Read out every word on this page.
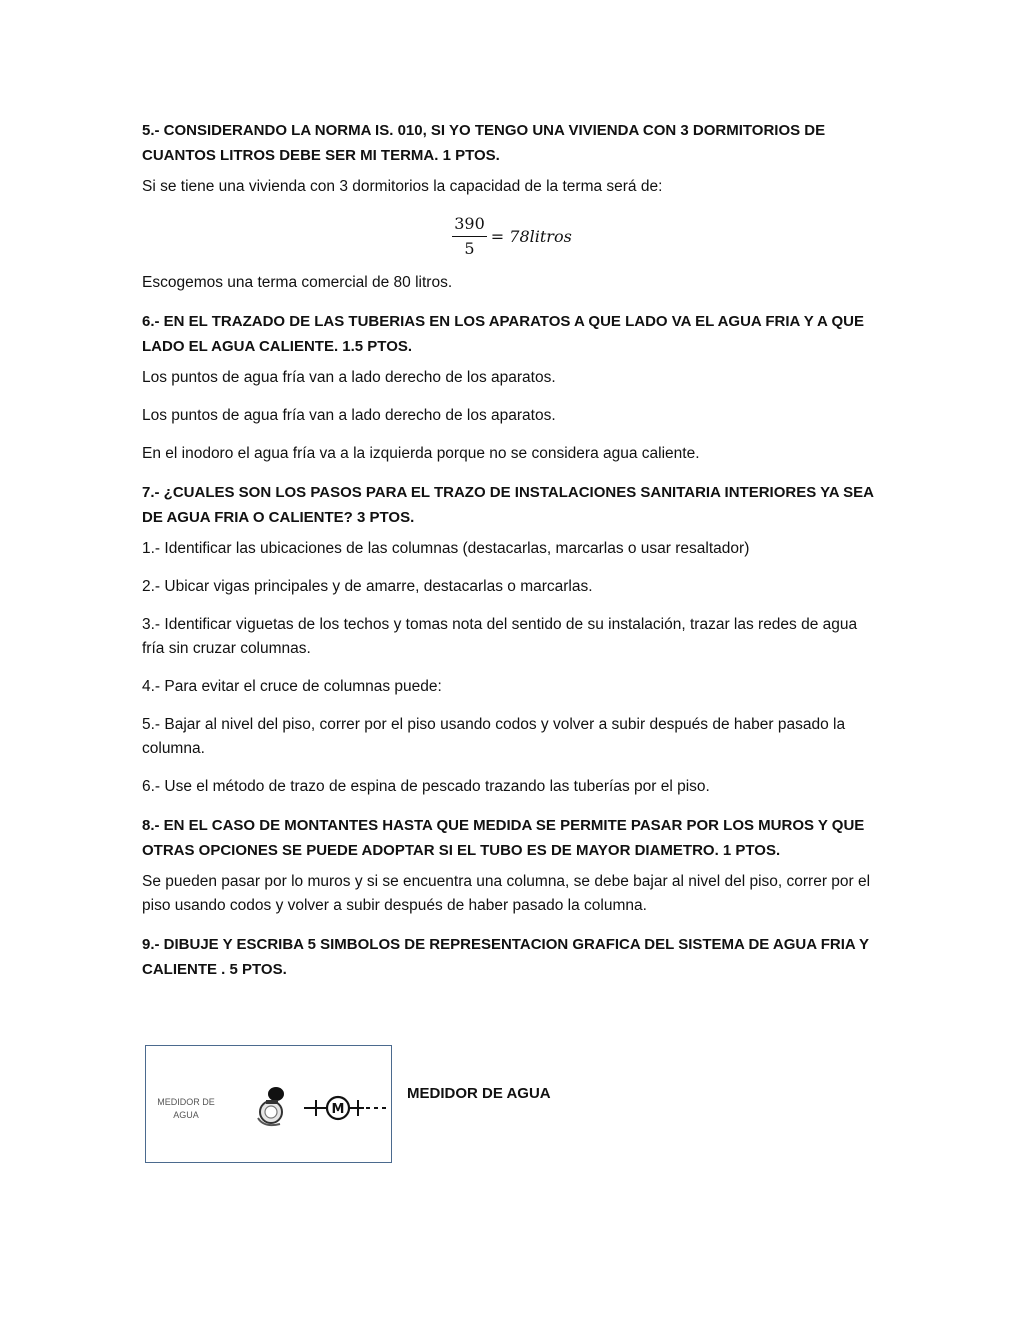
5.- CONSIDERANDO LA NORMA IS. 010, SI YO TENGO UNA VIVIENDA CON 3 DORMITORIOS DE CUANTOS LITROS DEBE SER MI TERMA. 1 PTOS.
Si se tiene una vivienda con 3 dormitorios la capacidad de la terma será de:
$\frac{390}{5}$ = 78litros
Escogemos una terma comercial de 80 litros.
6.- EN EL TRAZADO DE LAS TUBERIAS EN LOS APARATOS A QUE LADO VA EL AGUA FRIA Y A QUE LADO EL AGUA CALIENTE. 1.5 PTOS.
Los puntos de agua fría van a lado derecho de los aparatos.
Los puntos de agua fría van a lado derecho de los aparatos.
En el inodoro el agua fría va a la izquierda porque no se considera agua caliente.
7.- ¿CUALES SON LOS PASOS PARA EL TRAZO DE INSTALACIONES SANITARIA INTERIORES YA SEA DE AGUA FRIA O CALIENTE? 3 PTOS.
1.- Identificar las ubicaciones de las columnas (destacarlas, marcarlas o usar resaltador)
2.- Ubicar vigas principales y de amarre, destacarlas o marcarlas.
3.- Identificar viguetas de los techos y tomas nota del sentido de su instalación, trazar las redes de agua fría sin cruzar columnas.
4.- Para evitar el cruce de columnas puede:
5.- Bajar al nivel del piso, correr por el piso usando codos y volver a subir después de haber pasado la columna.
6.- Use el método de trazo de espina de pescado trazando las tuberías por el piso.
8.- EN EL CASO DE MONTANTES HASTA QUE MEDIDA SE PERMITE PASAR POR LOS MUROS Y QUE OTRAS OPCIONES SE PUEDE ADOPTAR SI EL TUBO ES DE MAYOR DIAMETRO. 1 PTOS.
Se pueden pasar por lo muros y si se encuentra una columna, se debe bajar al nivel del piso, correr por el piso usando codos y volver a subir después de haber pasado la columna.
9.- DIBUJE Y ESCRIBA 5 SIMBOLOS DE REPRESENTACION GRAFICA DEL SISTEMA DE AGUA FRIA Y CALIENTE . 5 PTOS.
MEDIDOR DE
AGUA	M
MEDIDOR DE AGUA
